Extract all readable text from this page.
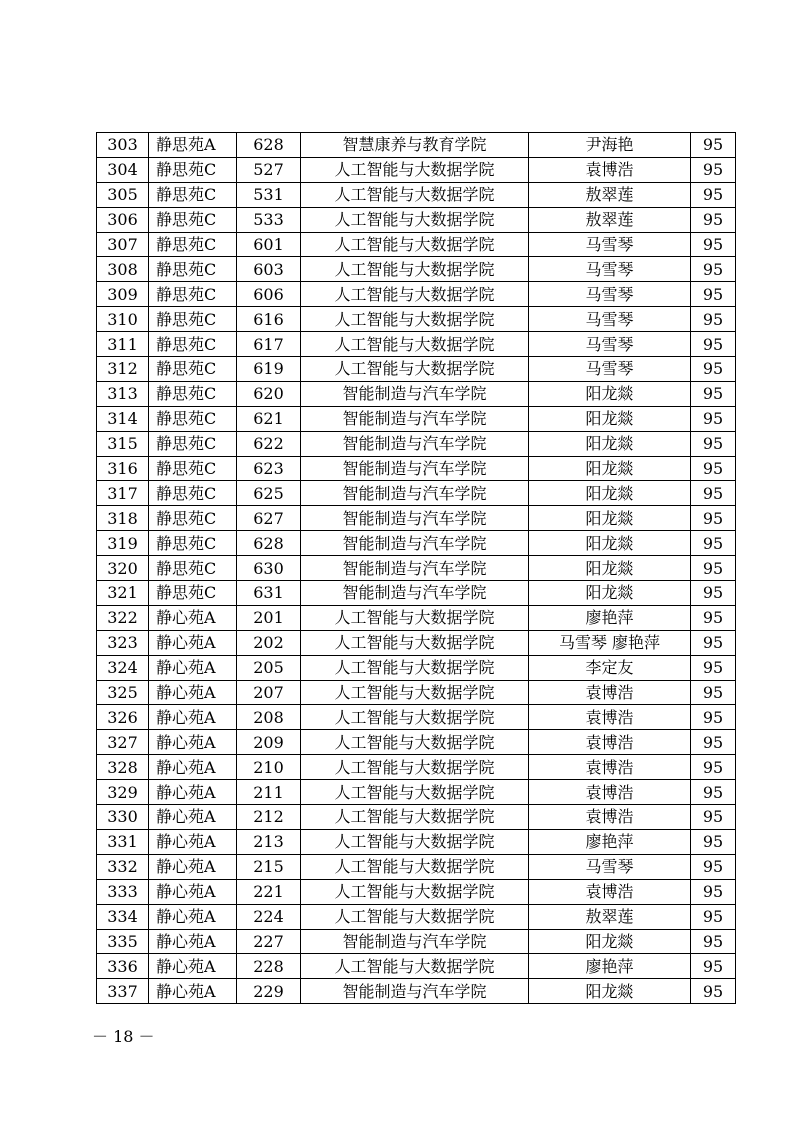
303	静思苑A	628	智慧康养与教育学院	尹海艳	95
304	静思苑C	527	人工智能与大数据学院	袁博浩	95
305	静思苑C	531	人工智能与大数据学院	敖翠莲	95
306	静思苑C	533	人工智能与大数据学院	敖翠莲	95
307	静思苑C	601	人工智能与大数据学院	马雪琴	95
308	静思苑C	603	人工智能与大数据学院	马雪琴	95
309	静思苑C	606	人工智能与大数据学院	马雪琴	95
310	静思苑C	616	人工智能与大数据学院	马雪琴	95
311	静思苑C	617	人工智能与大数据学院	马雪琴	95
312	静思苑C	619	人工智能与大数据学院	马雪琴	95
313	静思苑C	620	智能制造与汽车学院	阳龙燚	95
314	静思苑C	621	智能制造与汽车学院	阳龙燚	95
315	静思苑C	622	智能制造与汽车学院	阳龙燚	95
316	静思苑C	623	智能制造与汽车学院	阳龙燚	95
317	静思苑C	625	智能制造与汽车学院	阳龙燚	95
318	静思苑C	627	智能制造与汽车学院	阳龙燚	95
319	静思苑C	628	智能制造与汽车学院	阳龙燚	95
320	静思苑C	630	智能制造与汽车学院	阳龙燚	95
321	静思苑C	631	智能制造与汽车学院	阳龙燚	95
322	静心苑A	201	人工智能与大数据学院	廖艳萍	95
323	静心苑A	202	人工智能与大数据学院	马雪琴 廖艳萍	95
324	静心苑A	205	人工智能与大数据学院	李定友	95
325	静心苑A	207	人工智能与大数据学院	袁博浩	95
326	静心苑A	208	人工智能与大数据学院	袁博浩	95
327	静心苑A	209	人工智能与大数据学院	袁博浩	95
328	静心苑A	210	人工智能与大数据学院	袁博浩	95
329	静心苑A	211	人工智能与大数据学院	袁博浩	95
330	静心苑A	212	人工智能与大数据学院	袁博浩	95
331	静心苑A	213	人工智能与大数据学院	廖艳萍	95
332	静心苑A	215	人工智能与大数据学院	马雪琴	95
333	静心苑A	221	人工智能与大数据学院	袁博浩	95
334	静心苑A	224	人工智能与大数据学院	敖翠莲	95
335	静心苑A	227	智能制造与汽车学院	阳龙燚	95
336	静心苑A	228	人工智能与大数据学院	廖艳萍	95
337	静心苑A	229	智能制造与汽车学院	阳龙燚	95
－ 18 －
